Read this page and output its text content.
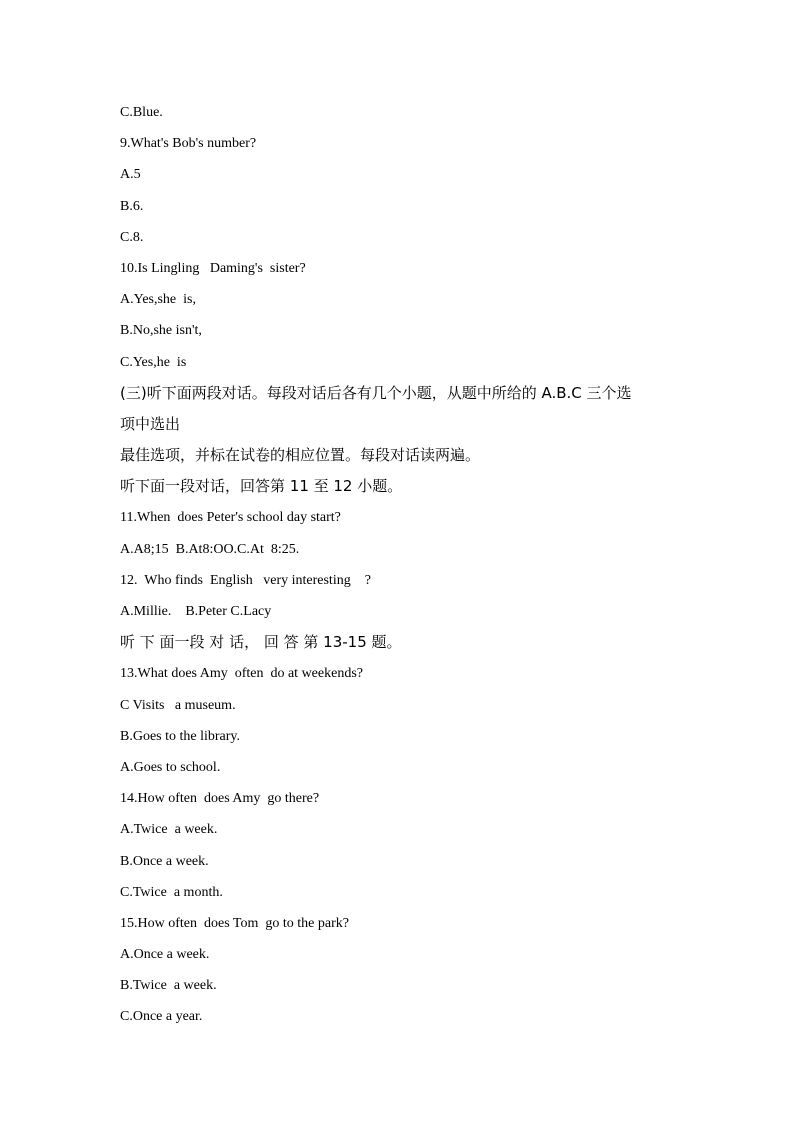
C.Blue.

9.What's Bob's number?

A.5

B.6.

C.8.

10.Is Lingling   Daming's  sister?

A.Yes,she  is,

B.No,she isn't,

C.Yes,he  is

(三)听下面两段对话。每段对话后各有几个小题，从题中所给的 A.B.C 三个选

项中选出

最佳选项，并标在试卷的相应位置。每段对话读两遍。

听下面一段对话，回答第 11 至 12 小题。

11.When  does Peter's school day start?

A.A8;15  B.At8:OO.C.At  8:25.

12.  Who finds  English   very interesting    ?

A.Millie.    B.Peter C.Lacy

听 下 面一段 对 话， 回 答 第 13-15 题。

13.What does Amy  often  do at weekends?

C Visits   a museum.

B.Goes to the library.

A.Goes to school.

14.How often  does Amy  go there?

A.Twice  a week.

B.Once a week.

C.Twice  a month.

15.How often  does Tom  go to the park?

A.Once a week.

B.Twice  a week.

C.Once a year.
